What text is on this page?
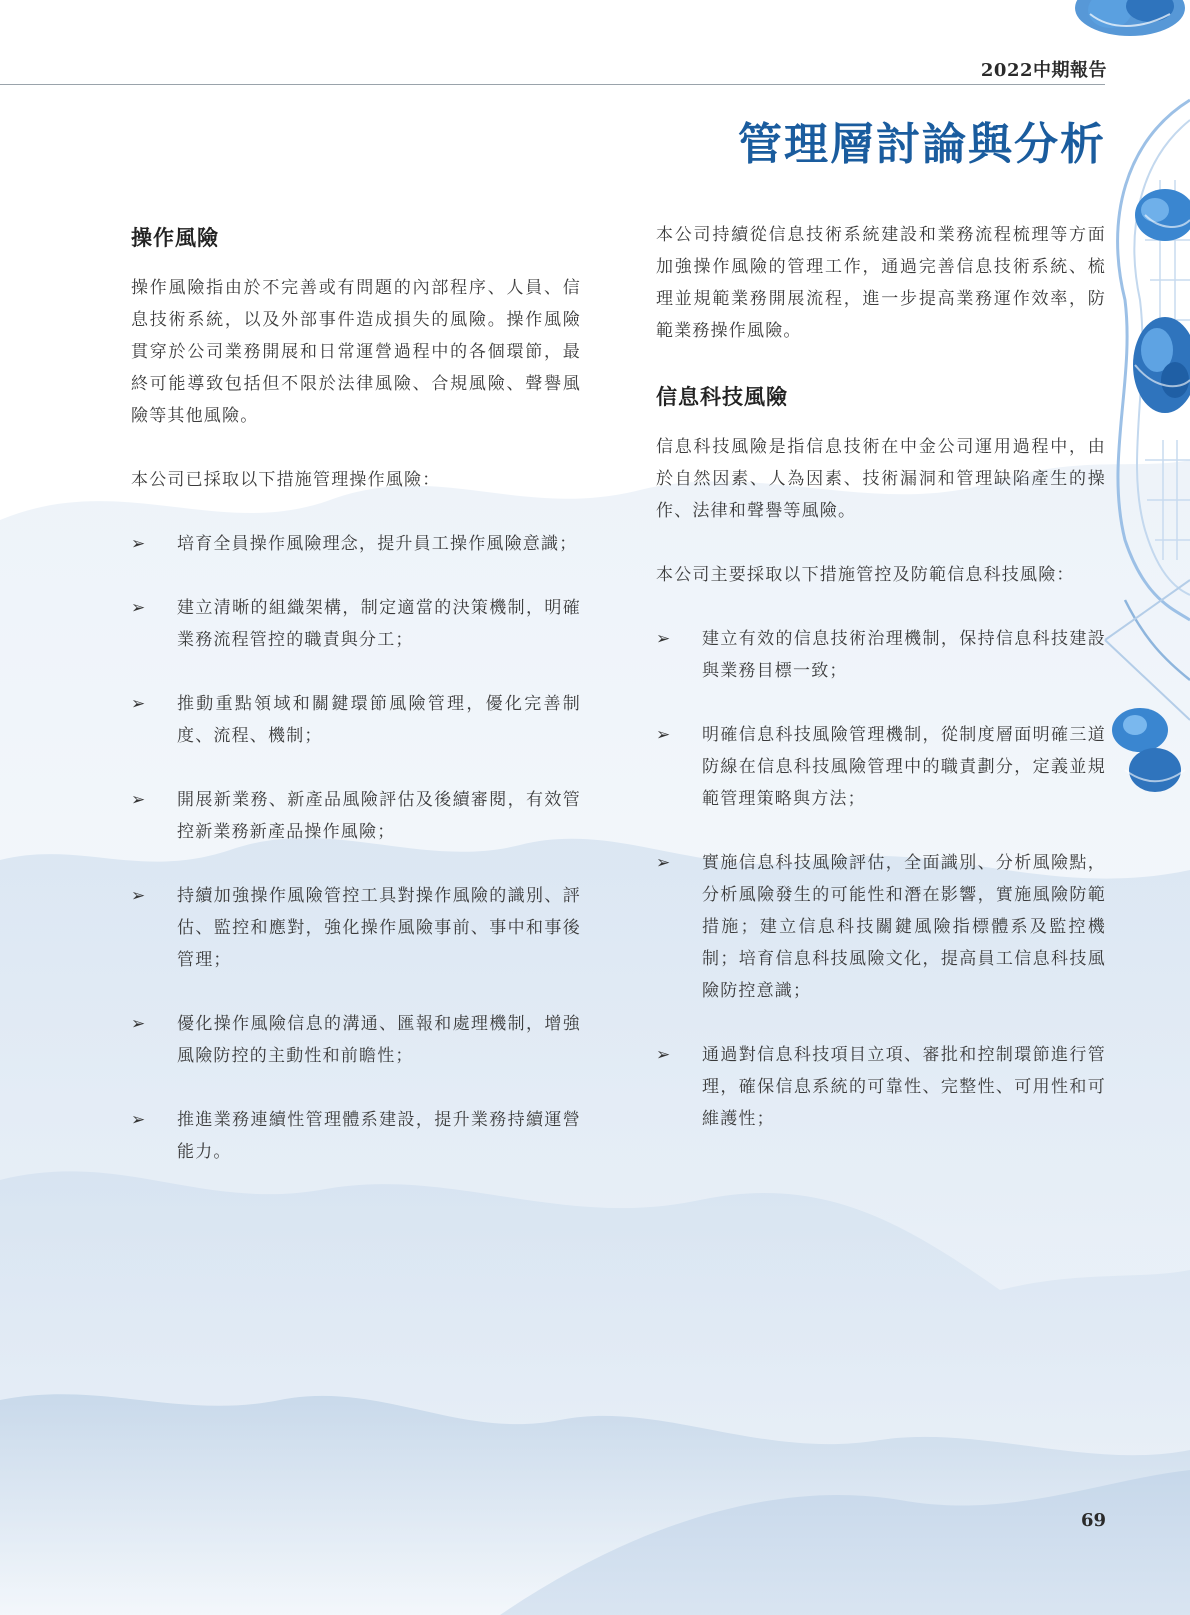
2022中期報告
管理層討論與分析
操作風險

操作風險指由於不完善或有問題的內部程序、人員、信息技術系統，以及外部事件造成損失的風險。操作風險貫穿於公司業務開展和日常運營過程中的各個環節，最終可能導致包括但不限於法律風險、合規風險、聲譽風險等其他風險。

本公司已採取以下措施管理操作風險：

➢ 培育全員操作風險理念，提升員工操作風險意識；
➢ 建立清晰的組織架構，制定適當的決策機制，明確業務流程管控的職責與分工；
➢ 推動重點領域和關鍵環節風險管理，優化完善制度、流程、機制；
➢ 開展新業務、新產品風險評估及後續審閱，有效管控新業務新產品操作風險；
➢ 持續加強操作風險管控工具對操作風險的識別、評估、監控和應對，強化操作風險事前、事中和事後管理；
➢ 優化操作風險信息的溝通、匯報和處理機制，增強風險防控的主動性和前瞻性；
➢ 推進業務連續性管理體系建設，提升業務持續運營能力。

本公司持續從信息技術系統建設和業務流程梳理等方面加強操作風險的管理工作，通過完善信息技術系統、梳理並規範業務開展流程，進一步提高業務運作效率，防範業務操作風險。

信息科技風險

信息科技風險是指信息技術在中金公司運用過程中，由於自然因素、人為因素、技術漏洞和管理缺陷產生的操作、法律和聲譽等風險。

本公司主要採取以下措施管控及防範信息科技風險：

➢ 建立有效的信息技術治理機制，保持信息科技建設與業務目標一致；
➢ 明確信息科技風險管理機制，從制度層面明確三道防線在信息科技風險管理中的職責劃分，定義並規範管理策略與方法；
➢ 實施信息科技風險評估，全面識別、分析風險點，分析風險發生的可能性和潛在影響，實施風險防範措施；建立信息科技關鍵風險指標體系及監控機制；培育信息科技風險文化，提高員工信息科技風險防控意識；
➢ 通過對信息科技項目立項、審批和控制環節進行管理，確保信息系統的可靠性、完整性、可用性和可維護性；
69
